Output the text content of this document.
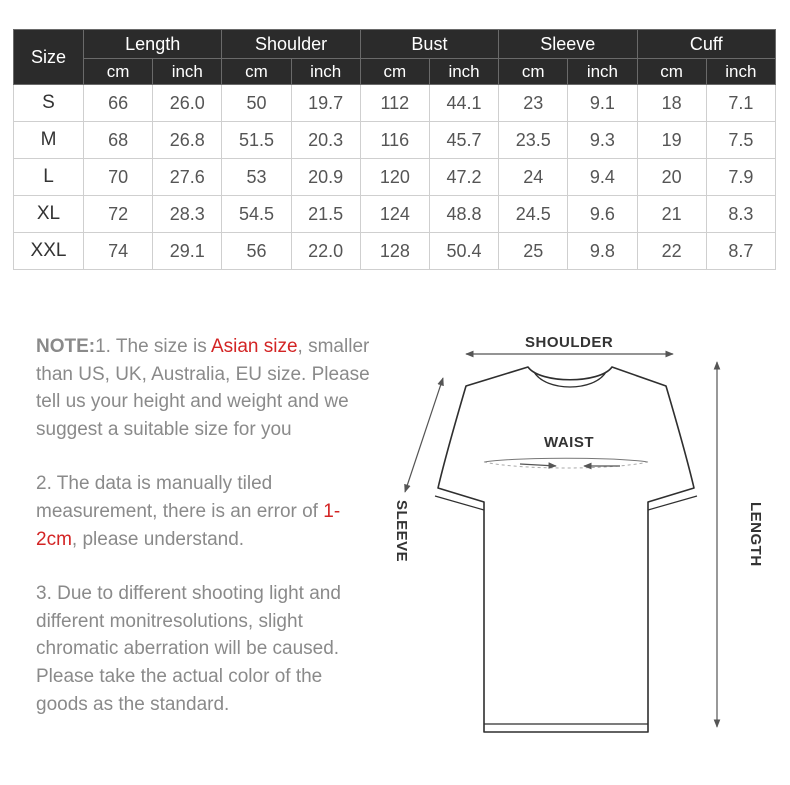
Size	Length		Shoulder		Bust		Sleeve		Cuff	
	cm	inch	cm	inch	cm	inch	cm	inch	cm	inch
S	66	26.0	50	19.7	112	44.1	23	9.1	18	7.1
M	68	26.8	51.5	20.3	116	45.7	23.5	9.3	19	7.5
L	70	27.6	53	20.9	120	47.2	24	9.4	20	7.9
XL	72	28.3	54.5	21.5	124	48.8	24.5	9.6	21	8.3
XXL	74	29.1	56	22.0	128	50.4	25	9.8	22	8.7

NOTE:1. The size is Asian size, smaller than US, UK, Australia, EU size. Please tell us your height and weight and we suggest a suitable size for you

2. The data is manually tiled measurement, there is an error of 1-2cm, please understand.

3. Due to different shooting light and different monitresolutions, slight chromatic aberration will be caused. Please take the actual color of the goods as the standard.

SHOULDER
WAIST
SLEEVE	LENGTH
